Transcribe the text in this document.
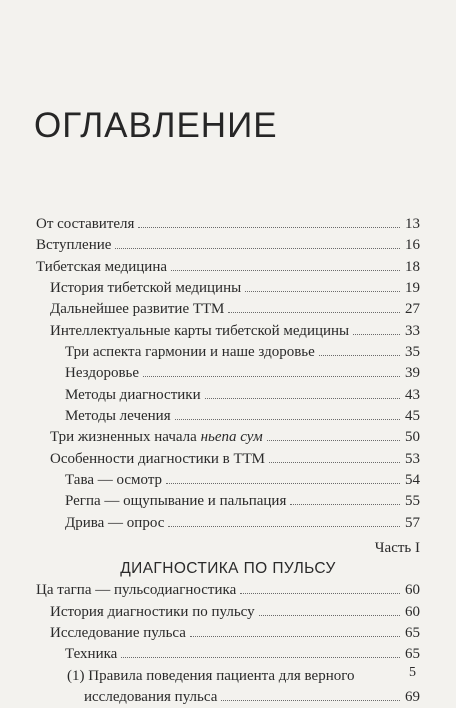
ОГЛАВЛЕНИЕ
От составителя	13
Вступление	16
Тибетская медицина	18
История тибетской медицины	19
Дальнейшее развитие ТТМ	27
Интеллектуальные карты тибетской медицины	33
Три аспекта гармонии и наше здоровье	35
Нездоровье	39
Методы диагностики	43
Методы лечения	45
Три жизненных начала ньепа сум	50
Особенности диагностики в ТТМ	53
Тава — осмотр	54
Регпа — ощупывание и пальпация	55
Дрива — опрос	57
Часть I
ДИАГНОСТИКА ПО ПУЛЬСУ
Ца тагпа — пульсодиагностика	60
История диагностики по пульсу	60
Исследование пульса	65
Техника	65
(1) Правила поведения пациента для верного
исследования пульса	69
5
